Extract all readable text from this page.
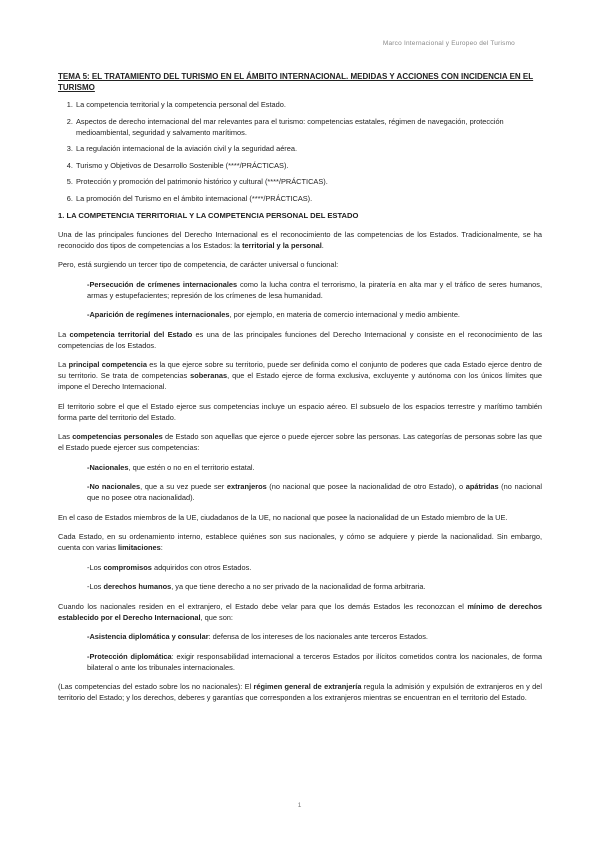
Marco Internacional y Europeo del Turismo
TEMA 5: EL TRATAMIENTO DEL TURISMO EN EL ÁMBITO INTERNACIONAL. MEDIDAS Y ACCIONES CON INCIDENCIA EN EL TURISMO
1. La competencia territorial y la competencia personal del Estado.
2. Aspectos de derecho internacional del mar relevantes para el turismo: competencias estatales, régimen de navegación, protección medioambiental, seguridad y salvamento marítimos.
3. La regulación internacional de la aviación civil y la seguridad aérea.
4. Turismo y Objetivos de Desarrollo Sostenible (****/PRÁCTICAS).
5. Protección y promoción del patrimonio histórico y cultural (****/PRÁCTICAS).
6. La promoción del Turismo en el ámbito internacional (****/PRÁCTICAS).
1. LA COMPETENCIA TERRITORIAL Y LA COMPETENCIA PERSONAL DEL ESTADO

Una de las principales funciones del Derecho Internacional es el reconocimiento de las competencias de los Estados. Tradicionalmente, se ha reconocido dos tipos de competencias a los Estados: la territorial y la personal.

Pero, está surgiendo un tercer tipo de competencia, de carácter universal o funcional:

-Persecución de crímenes internacionales como la lucha contra el terrorismo, la piratería en alta mar y el tráfico de seres humanos, armas y estupefacientes; represión de los crímenes de lesa humanidad.

-Aparición de regímenes internacionales, por ejemplo, en materia de comercio internacional y medio ambiente.

La competencia territorial del Estado es una de las principales funciones del Derecho Internacional y consiste en el reconocimiento de las competencias de los Estados.

La principal competencia es la que ejerce sobre su territorio, puede ser definida como el conjunto de poderes que cada Estado ejerce dentro de su territorio. Se trata de competencias soberanas, que el Estado ejerce de forma exclusiva, excluyente y autónoma con los únicos límites que impone el Derecho Internacional.

El territorio sobre el que el Estado ejerce sus competencias incluye un espacio aéreo. El subsuelo de los espacios terrestre y marítimo también forma parte del territorio del Estado.

Las competencias personales de Estado son aquellas que ejerce o puede ejercer sobre las personas. Las categorías de personas sobre las que el Estado puede ejercer sus competencias:

-Nacionales, que estén o no en el territorio estatal.

-No nacionales, que a su vez puede ser extranjeros (no nacional que posee la nacionalidad de otro Estado), o apátridas (no nacional que no posee otra nacionalidad).

En el caso de Estados miembros de la UE, ciudadanos de la UE, no nacional que posee la nacionalidad de un Estado miembro de la UE.

Cada Estado, en su ordenamiento interno, establece quiénes son sus nacionales, y cómo se adquiere y pierde la nacionalidad. Sin embargo, cuenta con varias limitaciones:

-Los compromisos adquiridos con otros Estados.

-Los derechos humanos, ya que tiene derecho a no ser privado de la nacionalidad de forma arbitraria.

Cuando los nacionales residen en el extranjero, el Estado debe velar para que los demás Estados les reconozcan el mínimo de derechos establecido por el Derecho Internacional, que son:

-Asistencia diplomática y consular: defensa de los intereses de los nacionales ante terceros Estados.

-Protección diplomática: exigir responsabilidad internacional a terceros Estados por ilícitos cometidos contra los nacionales, de forma bilateral o ante los tribunales internacionales.

(Las competencias del estado sobre los no nacionales): El régimen general de extranjería regula la admisión y expulsión de extranjeros en y del territorio del Estado; y los derechos, deberes y garantías que corresponden a los extranjeros mientras se encuentran en el territorio del Estado.

1
